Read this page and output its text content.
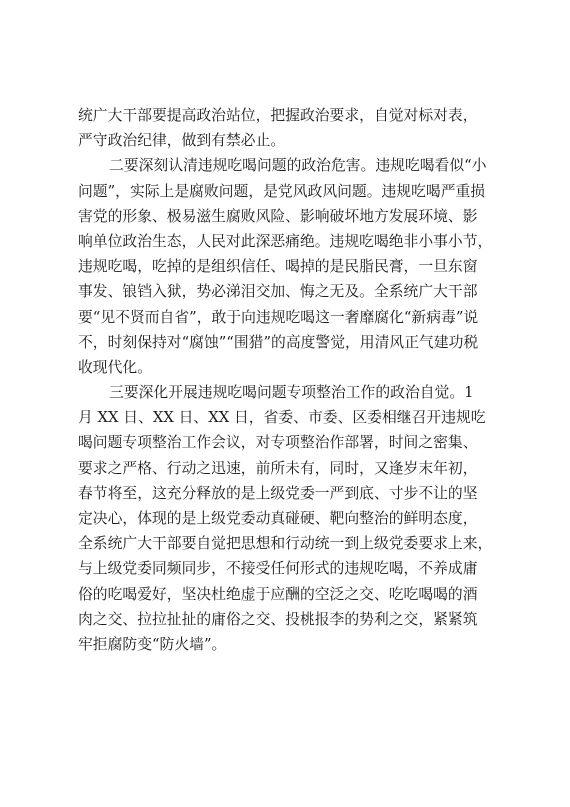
统广大干部要提高政治站位，把握政治要求，自觉对标对表，
严守政治纪律，做到有禁必止。
二要深刻认清违规吃喝问题的政治危害。违规吃喝看似“小
问题”，实际上是腐败问题，是党风政风问题。违规吃喝严重损
害党的形象、极易滋生腐败风险、影响破坏地方发展环境、影
响单位政治生态，人民对此深恶痛绝。违规吃喝绝非小事小节，
违规吃喝，吃掉的是组织信任、喝掉的是民脂民膏，一旦东窗
事发、锒铛入狱，势必涕泪交加、悔之无及。全系统广大干部
要“见不贤而自省”，敢于向违规吃喝这一奢靡腐化“新病毒”说
不，时刻保持对“腐蚀”“围猎”的高度警觉，用清风正气建功税
收现代化。
三要深化开展违规吃喝问题专项整治工作的政治自觉。1
月 XX 日、XX 日、XX 日，省委、市委、区委相继召开违规吃
喝问题专项整治工作会议，对专项整治作部署，时间之密集、
要求之严格、行动之迅速，前所未有，同时，又逢岁末年初，
春节将至，这充分释放的是上级党委一严到底、寸步不让的坚
定决心，体现的是上级党委动真碰硬、靶向整治的鲜明态度，
全系统广大干部要自觉把思想和行动统一到上级党委要求上来，
与上级党委同频同步，不接受任何形式的违规吃喝，不养成庸
俗的吃喝爱好，坚决杜绝虚于应酬的空泛之交、吃吃喝喝的酒
肉之交、拉拉扯扯的庸俗之交、投桃报李的势利之交，紧紧筑
牢拒腐防变“防火墙”。
